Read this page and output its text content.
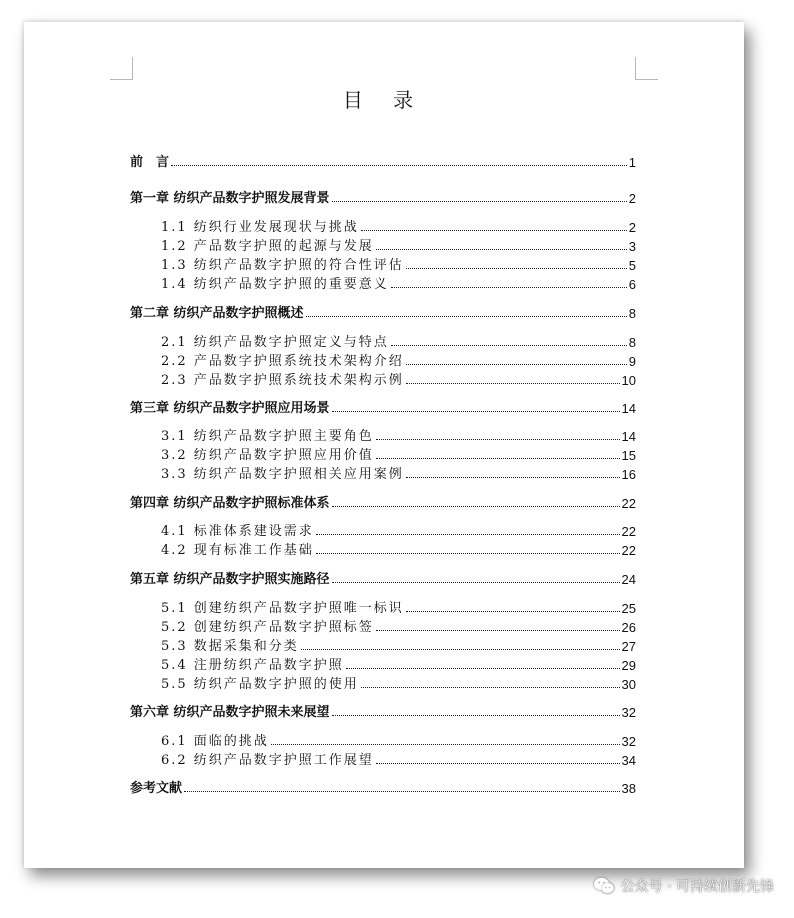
目 录
前　言	1
第一章 纺织产品数字护照发展背景	2
1.1 纺织行业发展现状与挑战	2
1.2 产品数字护照的起源与发展	3
1.3 纺织产品数字护照的符合性评估	5
1.4 纺织产品数字护照的重要意义	6
第二章 纺织产品数字护照概述	8
2.1 纺织产品数字护照定义与特点	8
2.2 产品数字护照系统技术架构介绍	9
2.3 产品数字护照系统技术架构示例	10
第三章 纺织产品数字护照应用场景	14
3.1 纺织产品数字护照主要角色	14
3.2 纺织产品数字护照应用价值	15
3.3 纺织产品数字护照相关应用案例	16
第四章 纺织产品数字护照标准体系	22
4.1 标准体系建设需求	22
4.2 现有标准工作基础	22
第五章 纺织产品数字护照实施路径	24
5.1 创建纺织产品数字护照唯一标识	25
5.2 创建纺织产品数字护照标签	26
5.3 数据采集和分类	27
5.4 注册纺织产品数字护照	29
5.5 纺织产品数字护照的使用	30
第六章 纺织产品数字护照未来展望	32
6.1 面临的挑战	32
6.2 纺织产品数字护照工作展望	34
参考文献	38
公众号 · 可持续创新先锋
